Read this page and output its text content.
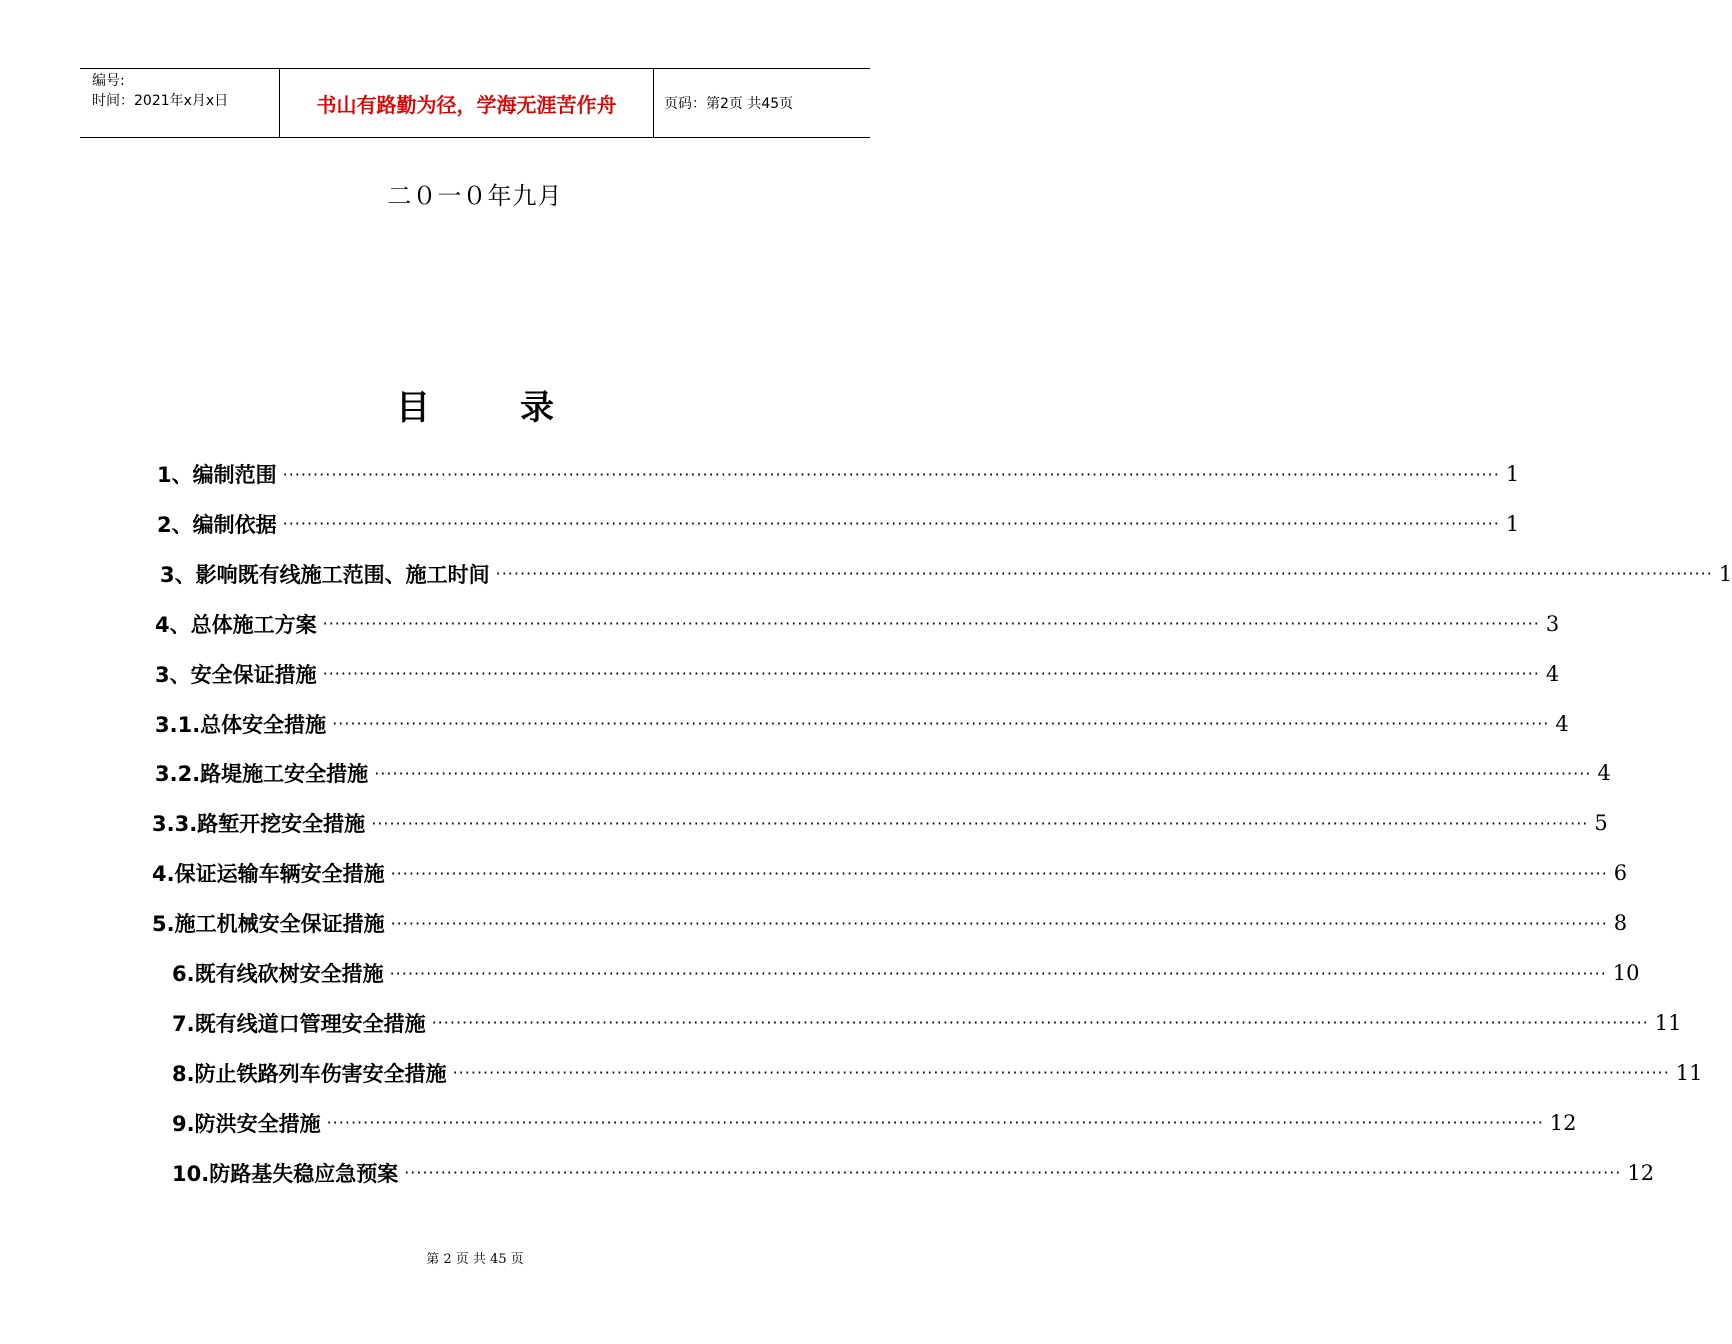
编号:
时间：2021年x月x日	书山有路勤为径，学海无涯苦作舟	页码：第2页 共45页
二０一０年九月
目	录
1、编制范围 ········································································································································································································ 1
2、编制依据 ········································································································································································································ 1
3、影响既有线施工范围、施工时间 ········································································································································································································ 1
4、总体施工方案 ········································································································································································································ 3
3、安全保证措施 ········································································································································································································ 4
3.1.总体安全措施 ········································································································································································································ 4
3.2.路堤施工安全措施 ········································································································································································································ 4
3.3.路堑开挖安全措施 ········································································································································································································ 5
4.保证运输车辆安全措施 ········································································································································································································ 6
5.施工机械安全保证措施 ········································································································································································································ 8
6.既有线砍树安全措施 ········································································································································································································ 10
7.既有线道口管理安全措施 ········································································································································································································ 11
8.防止铁路列车伤害安全措施 ········································································································································································································ 11
9.防洪安全措施 ········································································································································································································ 12
10.防路基失稳应急预案 ········································································································································································································ 12
第 2 页 共 45 页
